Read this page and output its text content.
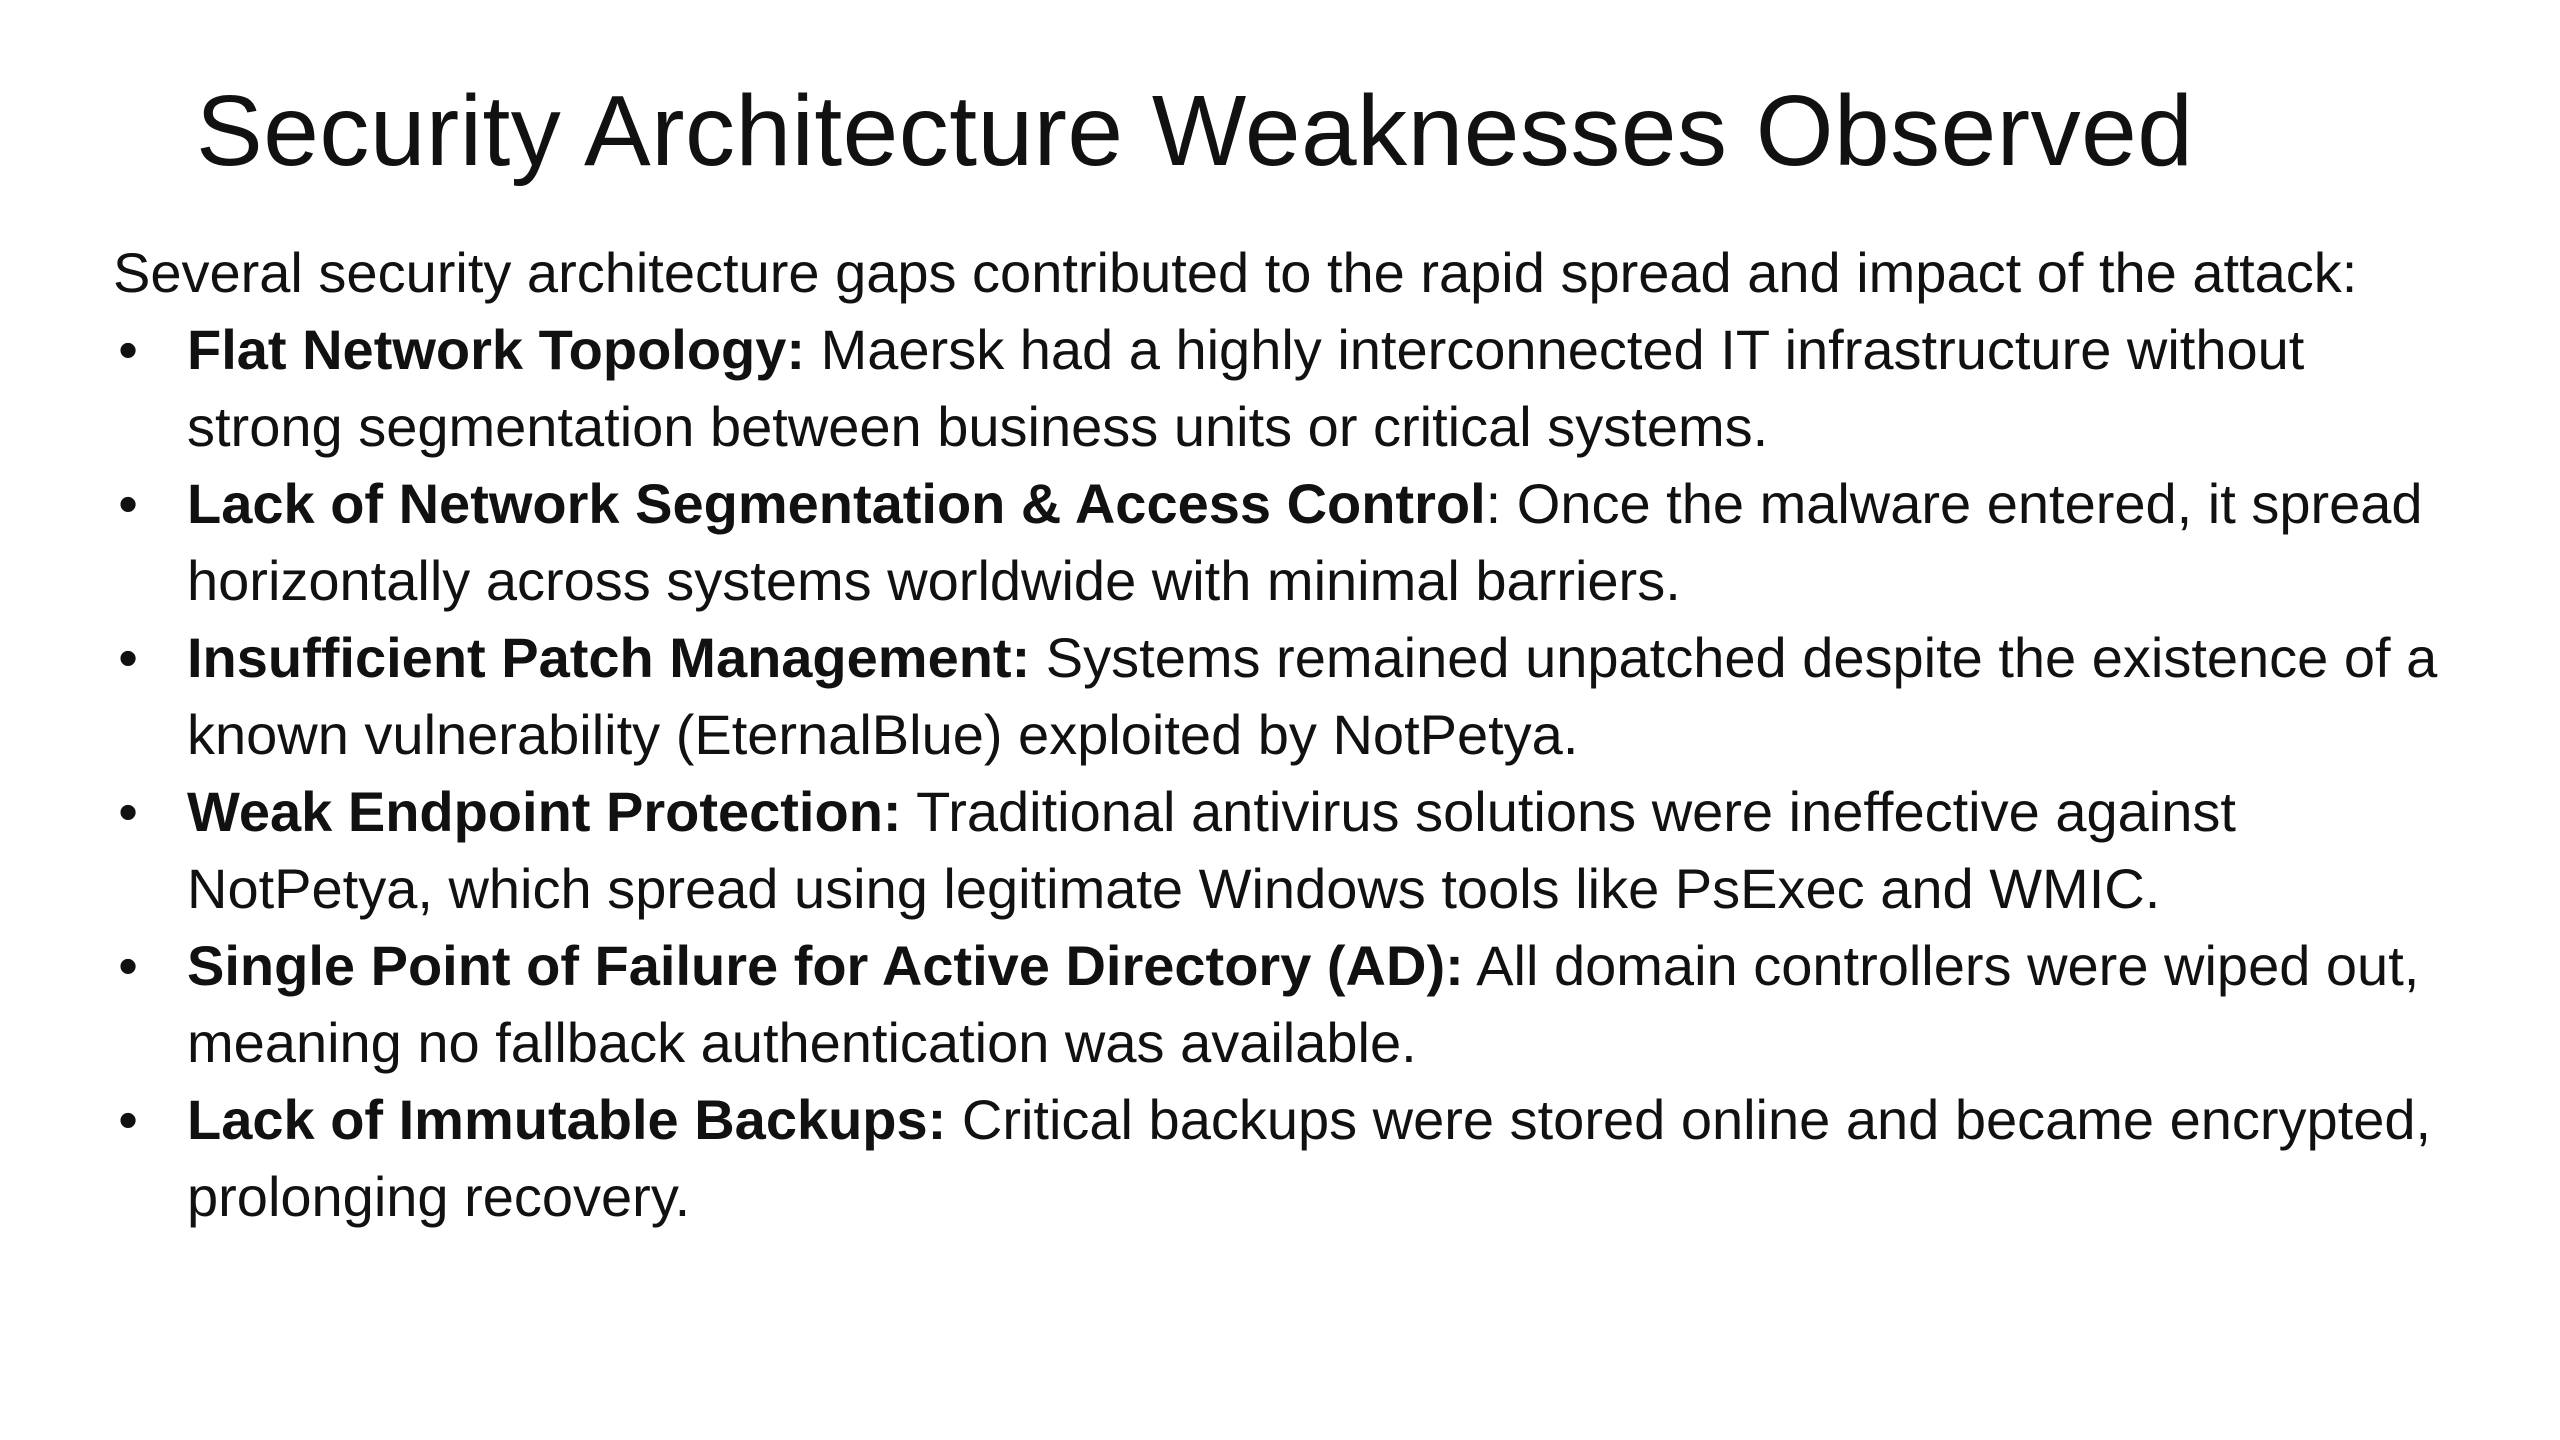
Security Architecture Weaknesses Observed

Several security architecture gaps contributed to the rapid spread and impact of the attack:

• Flat Network Topology: Maersk had a highly interconnected IT infrastructure without strong segmentation between business units or critical systems.
• Lack of Network Segmentation & Access Control: Once the malware entered, it spread horizontally across systems worldwide with minimal barriers.
• Insufficient Patch Management: Systems remained unpatched despite the existence of a known vulnerability (EternalBlue) exploited by NotPetya.
• Weak Endpoint Protection: Traditional antivirus solutions were ineffective against NotPetya, which spread using legitimate Windows tools like PsExec and WMIC.
• Single Point of Failure for Active Directory (AD): All domain controllers were wiped out, meaning no fallback authentication was available.
• Lack of Immutable Backups: Critical backups were stored online and became encrypted, prolonging recovery.
